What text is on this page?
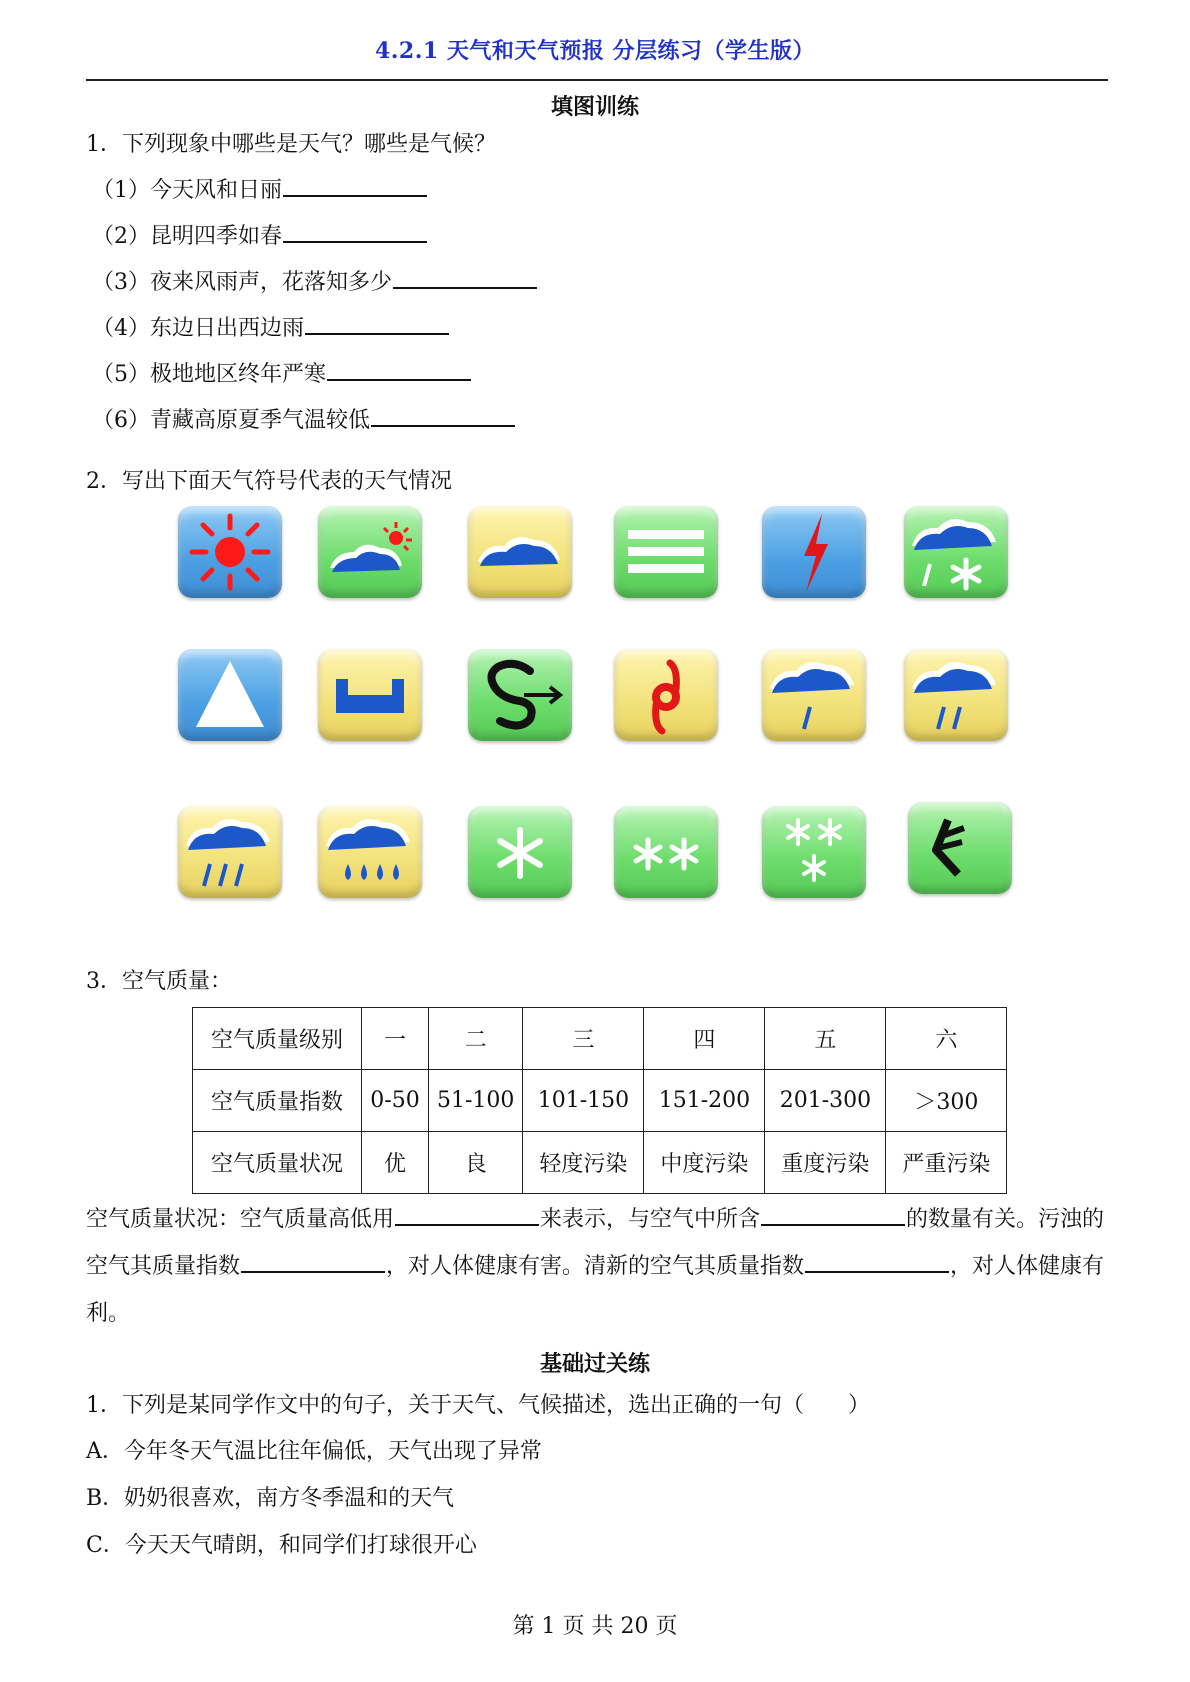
4.2.1 天气和天气预报 分层练习（学生版）
填图训练
1．下列现象中哪些是天气？哪些是气候？
（1）今天风和日丽
（2）昆明四季如春
（3）夜来风雨声，花落知多少
（4）东边日出西边雨
（5）极地地区终年严寒
（6）青藏高原夏季气温较低
2．写出下面天气符号代表的天气情况
3．空气质量：
空气质量级别	一	二	三	四	五	六
空气质量指数	0-50	51-100	101-150	151-200	201-300	＞300
空气质量状况	优	良	轻度污染	中度污染	重度污染	严重污染
空气质量状况：空气质量高低用	来表示，与空气中所含	的数量有关。污浊的空气其质量指数	，对人体健康有害。清新的空气其质量指数	，对人体健康有利。
基础过关练
1．下列是某同学作文中的句子，关于天气、气候描述，选出正确的一句（　　）
A．今年冬天气温比往年偏低，天气出现了异常
B．奶奶很喜欢，南方冬季温和的天气
C．今天天气晴朗，和同学们打球很开心
第 1 页 共 20 页
